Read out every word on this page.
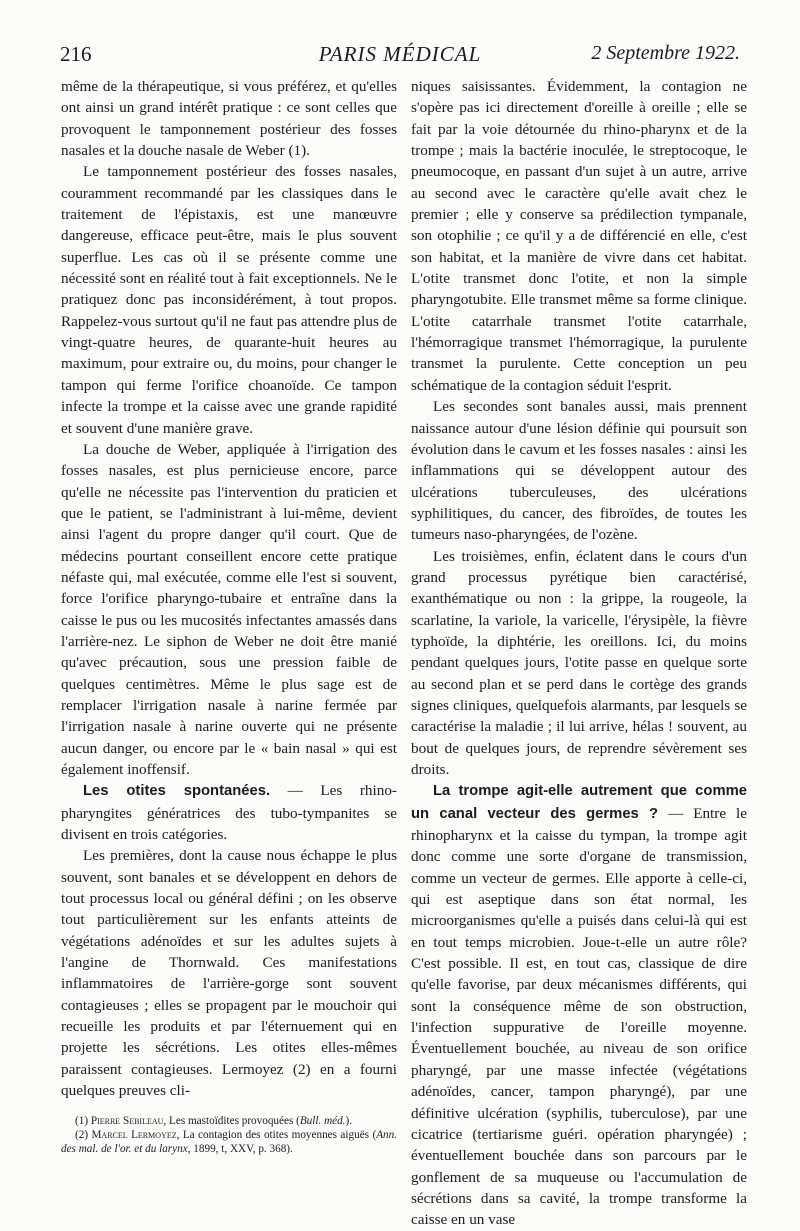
216	PARIS MÉDICAL	2 Septembre 1922.

même de la thérapeutique, si vous préférez, et qu'elles ont ainsi un grand intérêt pratique : ce sont celles que provoquent le tamponnement postérieur des fosses nasales et la douche nasale de Weber (1).

Le tamponnement postérieur des fosses nasales, couramment recommandé par les classiques dans le traitement de l'épistaxis, est une manœuvre dangereuse, efficace peut-être, mais le plus souvent superflue. Les cas où il se présente comme une nécessité sont en réalité tout à fait exceptionnels. Ne le pratiquez donc pas inconsidérément, à tout propos. Rappelez-vous surtout qu'il ne faut pas attendre plus de vingt-quatre heures, de quarante-huit heures au maximum, pour extraire ou, du moins, pour changer le tampon qui ferme l'orifice choanoïde. Ce tampon infecte la trompe et la caisse avec une grande rapidité et souvent d'une manière grave.

La douche de Weber, appliquée à l'irrigation des fosses nasales, est plus pernicieuse encore, parce qu'elle ne nécessite pas l'intervention du praticien et que le patient, se l'administrant à lui-même, devient ainsi l'agent du propre danger qu'il court. Que de médecins pourtant conseillent encore cette pratique néfaste qui, mal exécutée, comme elle l'est si souvent, force l'orifice pharyngo-tubaire et entraîne dans la caisse le pus ou les mucosités infectantes amassés dans l'arrière-nez. Le siphon de Weber ne doit être manié qu'avec précaution, sous une pression faible de quelques centimètres. Même le plus sage est de remplacer l'irrigation nasale à narine fermée par l'irrigation nasale à narine ouverte qui ne présente aucun danger, ou encore par le « bain nasal » qui est également inoffensif.

Les otites spontanées. — Les rhino-pharyngites génératrices des tubo-tympanites se divisent en trois catégories.

Les premières, dont la cause nous échappe le plus souvent, sont banales et se développent en dehors de tout processus local ou général défini ; on les observe tout particulièrement sur les enfants atteints de végétations adénoïdes et sur les adultes sujets à l'angine de Thornwald. Ces manifestations inflammatoires de l'arrière-gorge sont souvent contagieuses ; elles se propagent par le mouchoir qui recueille les produits et par l'éternuement qui en projette les sécrétions. Les otites elles-mêmes paraissent contagieuses. Lermoyez (2) en a fourni quelques preuves cli-

(1) Pierre Sebileau, Les mastoïdites provoquées (Bull. méd.).

(2) Marcel Lermoyez, La contagion des otites moyennes aiguës (Ann. des mal. de l'or. et du larynx, 1899, t, XXV, p. 368).

niques saisissantes. Évidemment, la contagion ne s'opère pas ici directement d'oreille à oreille ; elle se fait par la voie détournée du rhino-pharynx et de la trompe ; mais la bactérie inoculée, le streptocoque, le pneumocoque, en passant d'un sujet à un autre, arrive au second avec le caractère qu'elle avait chez le premier ; elle y conserve sa prédilection tympanale, son otophilie ; ce qu'il y a de différencié en elle, c'est son habitat, et la manière de vivre dans cet habitat. L'otite transmet donc l'otite, et non la simple pharyngotubite. Elle transmet même sa forme clinique. L'otite catarrhale transmet l'otite catarrhale, l'hémorragique transmet l'hémorragique, la purulente transmet la purulente. Cette conception un peu schématique de la contagion séduit l'esprit.

Les secondes sont banales aussi, mais prennent naissance autour d'une lésion définie qui poursuit son évolution dans le cavum et les fosses nasales : ainsi les inflammations qui se développent autour des ulcérations tuberculeuses, des ulcérations syphilitiques, du cancer, des fibroïdes, de toutes les tumeurs naso-pharyngées, de l'ozène.

Les troisièmes, enfin, éclatent dans le cours d'un grand processus pyrétique bien caractérisé, exanthématique ou non : la grippe, la rougeole, la scarlatine, la variole, la varicelle, l'érysipèle, la fièvre typhoïde, la diphtérie, les oreillons. Ici, du moins pendant quelques jours, l'otite passe en quelque sorte au second plan et se perd dans le cortège des grands signes cliniques, quelquefois alarmants, par lesquels se caractérise la maladie ; il lui arrive, hélas ! souvent, au bout de quelques jours, de reprendre sévèrement ses droits.

La trompe agit-elle autrement que comme un canal vecteur des germes ? — Entre le rhinopharynx et la caisse du tympan, la trompe agit donc comme une sorte d'organe de transmission, comme un vecteur de germes. Elle apporte à celle-ci, qui est aseptique dans son état normal, les microorganismes qu'elle a puisés dans celui-là qui est en tout temps microbien. Joue-t-elle un autre rôle? C'est possible. Il est, en tout cas, classique de dire qu'elle favorise, par deux mécanismes différents, qui sont la conséquence même de son obstruction, l'infection suppurative de l'oreille moyenne. Éventuellement bouchée, au niveau de son orifice pharyngé, par une masse infectée (végétations adénoïdes, cancer, tampon pharyngé), par une définitive ulcération (syphilis, tuberculose), par une cicatrice (tertiarisme guéri. opération pharyngée) ; éventuellement bouchée dans son parcours par le gonflement de sa muqueuse ou l'accumulation de sécrétions dans sa cavité, la trompe transforme la caisse en un vase
